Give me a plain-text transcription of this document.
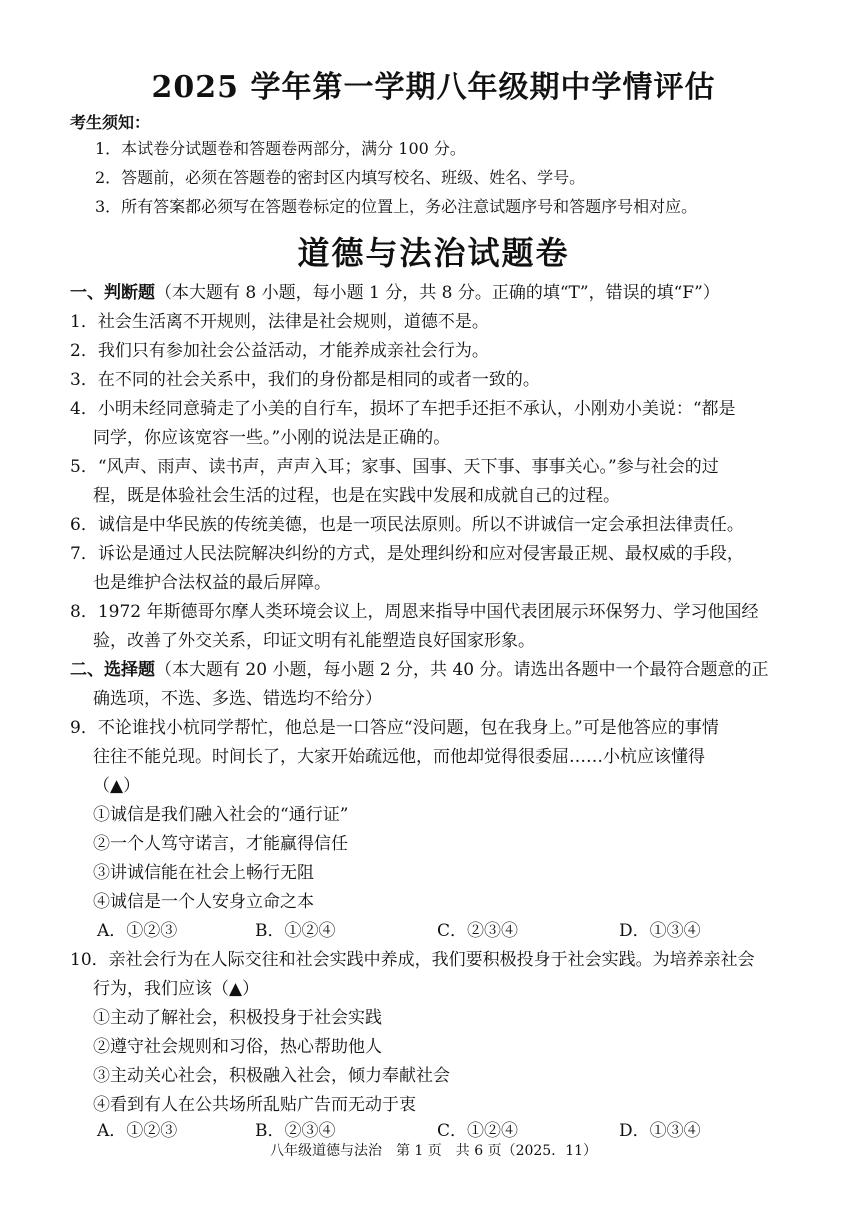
2025 学年第一学期八年级期中学情评估
考生须知：
1．本试卷分试题卷和答题卷两部分，满分 100 分。
2．答题前，必须在答题卷的密封区内填写校名、班级、姓名、学号。
3．所有答案都必须写在答题卷标定的位置上，务必注意试题序号和答题序号相对应。
道德与法治试题卷
一、判断题（本大题有 8 小题，每小题 1 分，共 8 分。正确的填“T”，错误的填“F”）
1．社会生活离不开规则，法律是社会规则，道德不是。
2．我们只有参加社会公益活动，才能养成亲社会行为。
3．在不同的社会关系中，我们的身份都是相同的或者一致的。
4．小明未经同意骑走了小美的自行车，损坏了车把手还拒不承认，小刚劝小美说：“都是
同学，你应该宽容一些。”小刚的说法是正确的。
5．“风声、雨声、读书声，声声入耳；家事、国事、天下事、事事关心。”参与社会的过
程，既是体验社会生活的过程，也是在实践中发展和成就自己的过程。
6．诚信是中华民族的传统美德，也是一项民法原则。所以不讲诚信一定会承担法律责任。
7．诉讼是通过人民法院解决纠纷的方式，是处理纠纷和应对侵害最正规、最权威的手段，
也是维护合法权益的最后屏障。
8．1972 年斯德哥尔摩人类环境会议上，周恩来指导中国代表团展示环保努力、学习他国经
验，改善了外交关系，印证文明有礼能塑造良好国家形象。
二、选择题（本大题有 20 小题，每小题 2 分，共 40 分。请选出各题中一个最符合题意的正
确选项，不选、多选、错选均不给分）
9．不论谁找小杭同学帮忙，他总是一口答应“没问题，包在我身上。”可是他答应的事情
往往不能兑现。时间长了，大家开始疏远他，而他却觉得很委屈……小杭应该懂得
（▲）
①诚信是我们融入社会的“通行证”
②一个人笃守诺言，才能赢得信任
③讲诚信能在社会上畅行无阻
④诚信是一个人安身立命之本
A．①②③	B．①②④	C．②③④	D．①③④
10．亲社会行为在人际交往和社会实践中养成，我们要积极投身于社会实践。为培养亲社会
行为，我们应该（▲）
①主动了解社会，积极投身于社会实践
②遵守社会规则和习俗，热心帮助他人
③主动关心社会，积极融入社会，倾力奉献社会
④看到有人在公共场所乱贴广告而无动于衷
A．①②③	B．②③④	C．①②④	D．①③④
八年级道德与法治　第 1 页　共 6 页（2025．11）
